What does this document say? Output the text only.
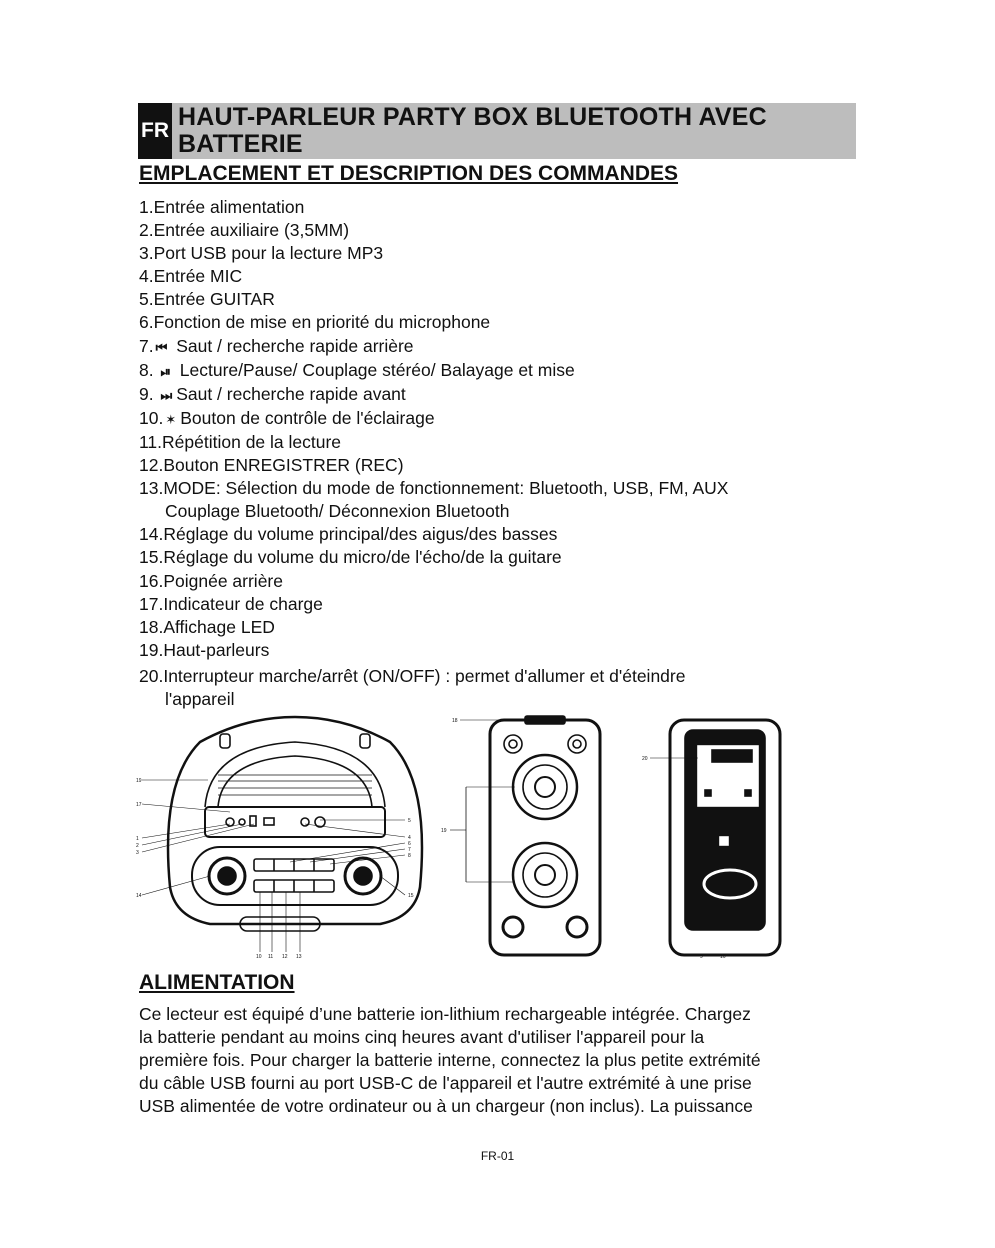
FR HAUT-PARLEUR PARTY BOX BLUETOOTH AVEC BATTERIE
EMPLACEMENT ET DESCRIPTION DES COMMANDES
1.Entrée alimentation
2.Entrée auxiliaire (3,5MM)
3.Port USB pour la lecture MP3
4.Entrée MIC
5.Entrée GUITAR
6.Fonction de mise en priorité du microphone
7. ⏮ Saut / recherche rapide arrière
8. ⏯ Lecture/Pause/ Couplage stéréo/ Balayage et mise
9. ⏭ Saut / recherche rapide avant
10. ✶ Bouton de contrôle de l'éclairage
11.Répétition de la lecture
12.Bouton ENREGISTRER (REC)
13.MODE: Sélection du mode de fonctionnement: Bluetooth, USB, FM, AUX
Couplage Bluetooth/ Déconnexion Bluetooth
14.Réglage du volume principal/des aigus/des basses
15.Réglage du volume du micro/de l'écho/de la guitare
16.Poignée arrière
17.Indicateur de charge
18.Affichage LED
19.Haut-parleurs
20.Interrupteur marche/arrêt (ON/OFF) : permet d'allumer et d'éteindre
l'appareil
19
17
1
2
3
14
5
4
6
7
8
15
10 11 12 13
18
19
20
9	16
ALIMENTATION
Ce lecteur est équipé d’une batterie ion-lithium rechargeable intégrée. Chargez
la batterie pendant au moins cinq heures avant d'utiliser l'appareil pour la
première fois. Pour charger la batterie interne, connectez la plus petite extrémité
du câble USB fourni au port USB-C de l'appareil et l'autre extrémité à une prise
USB alimentée de votre ordinateur ou à un chargeur (non inclus). La puissance
FR-01
